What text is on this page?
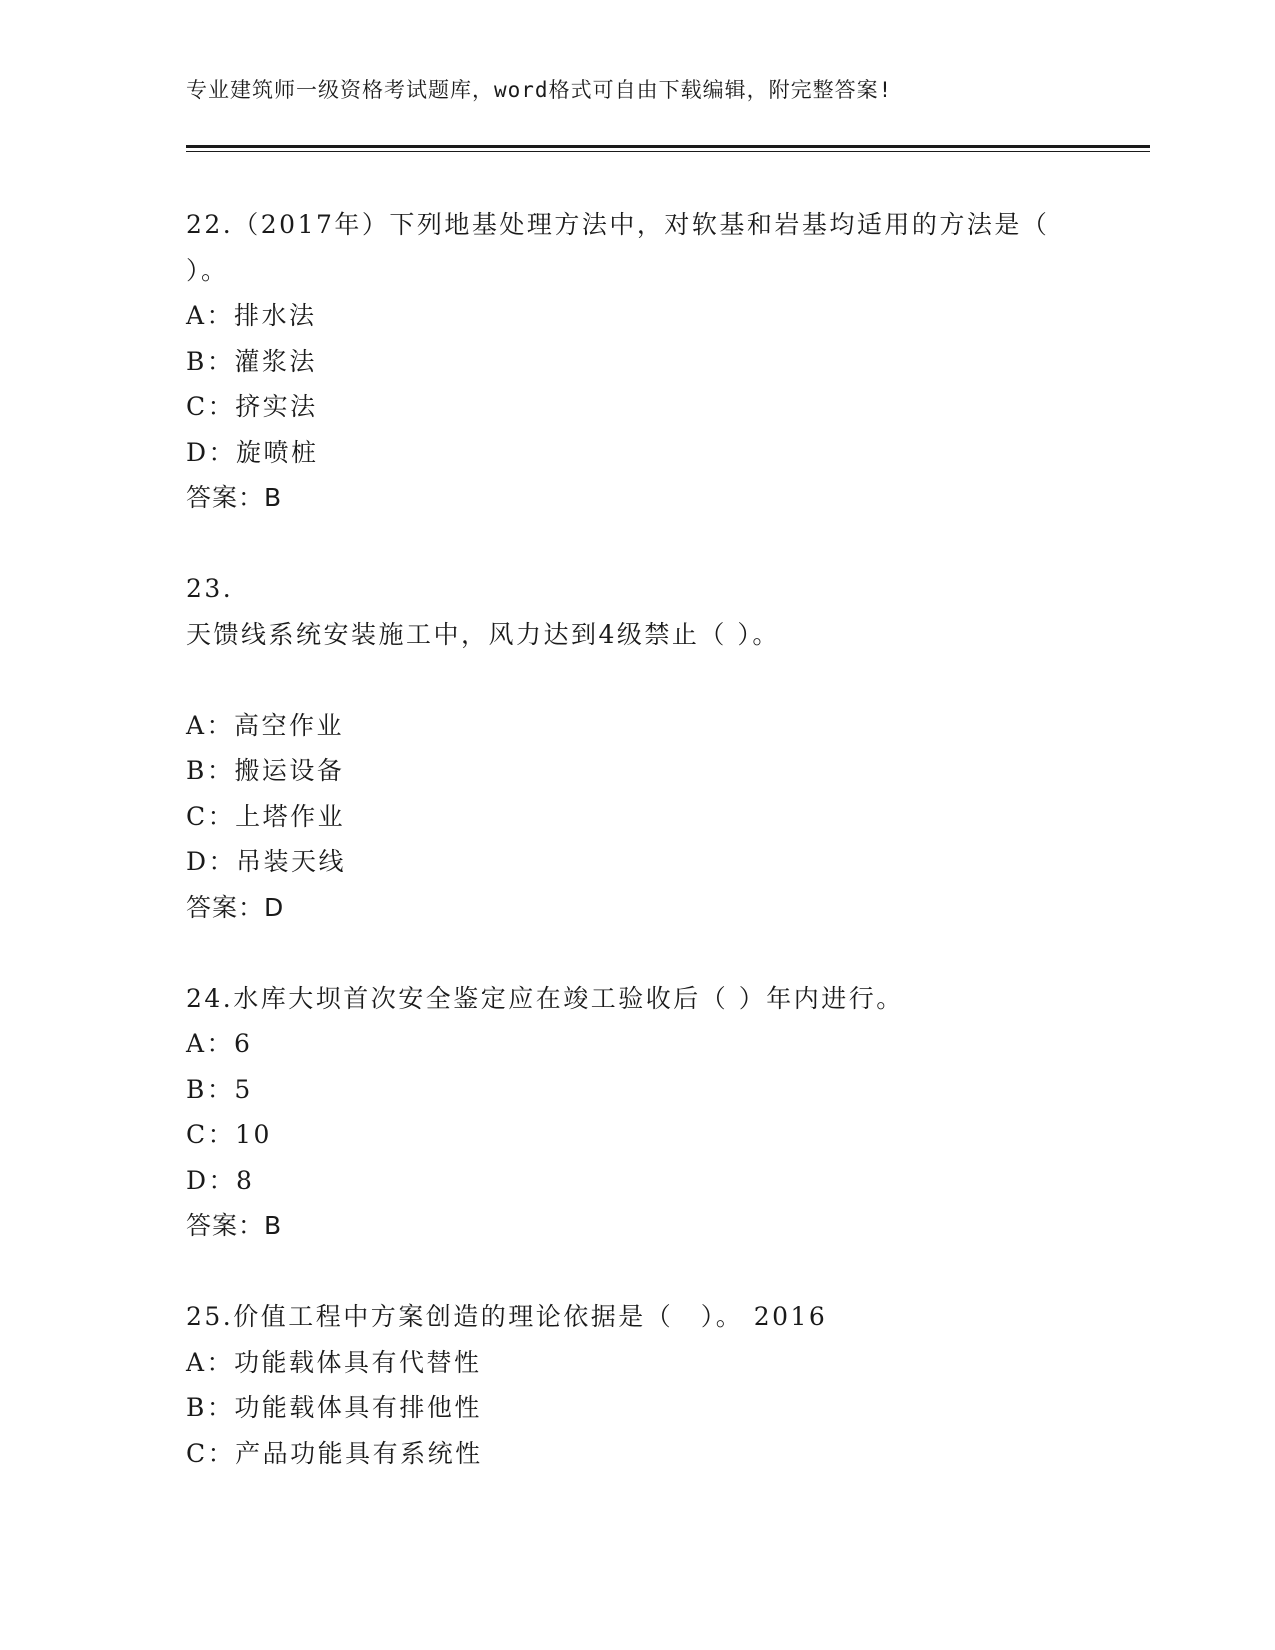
专业建筑师一级资格考试题库，word格式可自由下载编辑，附完整答案!
22.（2017年）下列地基处理方法中，对软基和岩基均适用的方法是（
）。
A：排水法
B：灌浆法
C：挤实法
D：旋喷桩
答案：B
23.
天馈线系统安装施工中，风力达到4级禁止（ ）。
A：高空作业
B：搬运设备
C：上塔作业
D：吊装天线
答案：D
24.水库大坝首次安全鉴定应在竣工验收后（ ）年内进行。
A：6
B：5
C：10
D：8
答案：B
25.价值工程中方案创造的理论依据是（　）。 2016
A：功能载体具有代替性
B：功能载体具有排他性
C：产品功能具有系统性
